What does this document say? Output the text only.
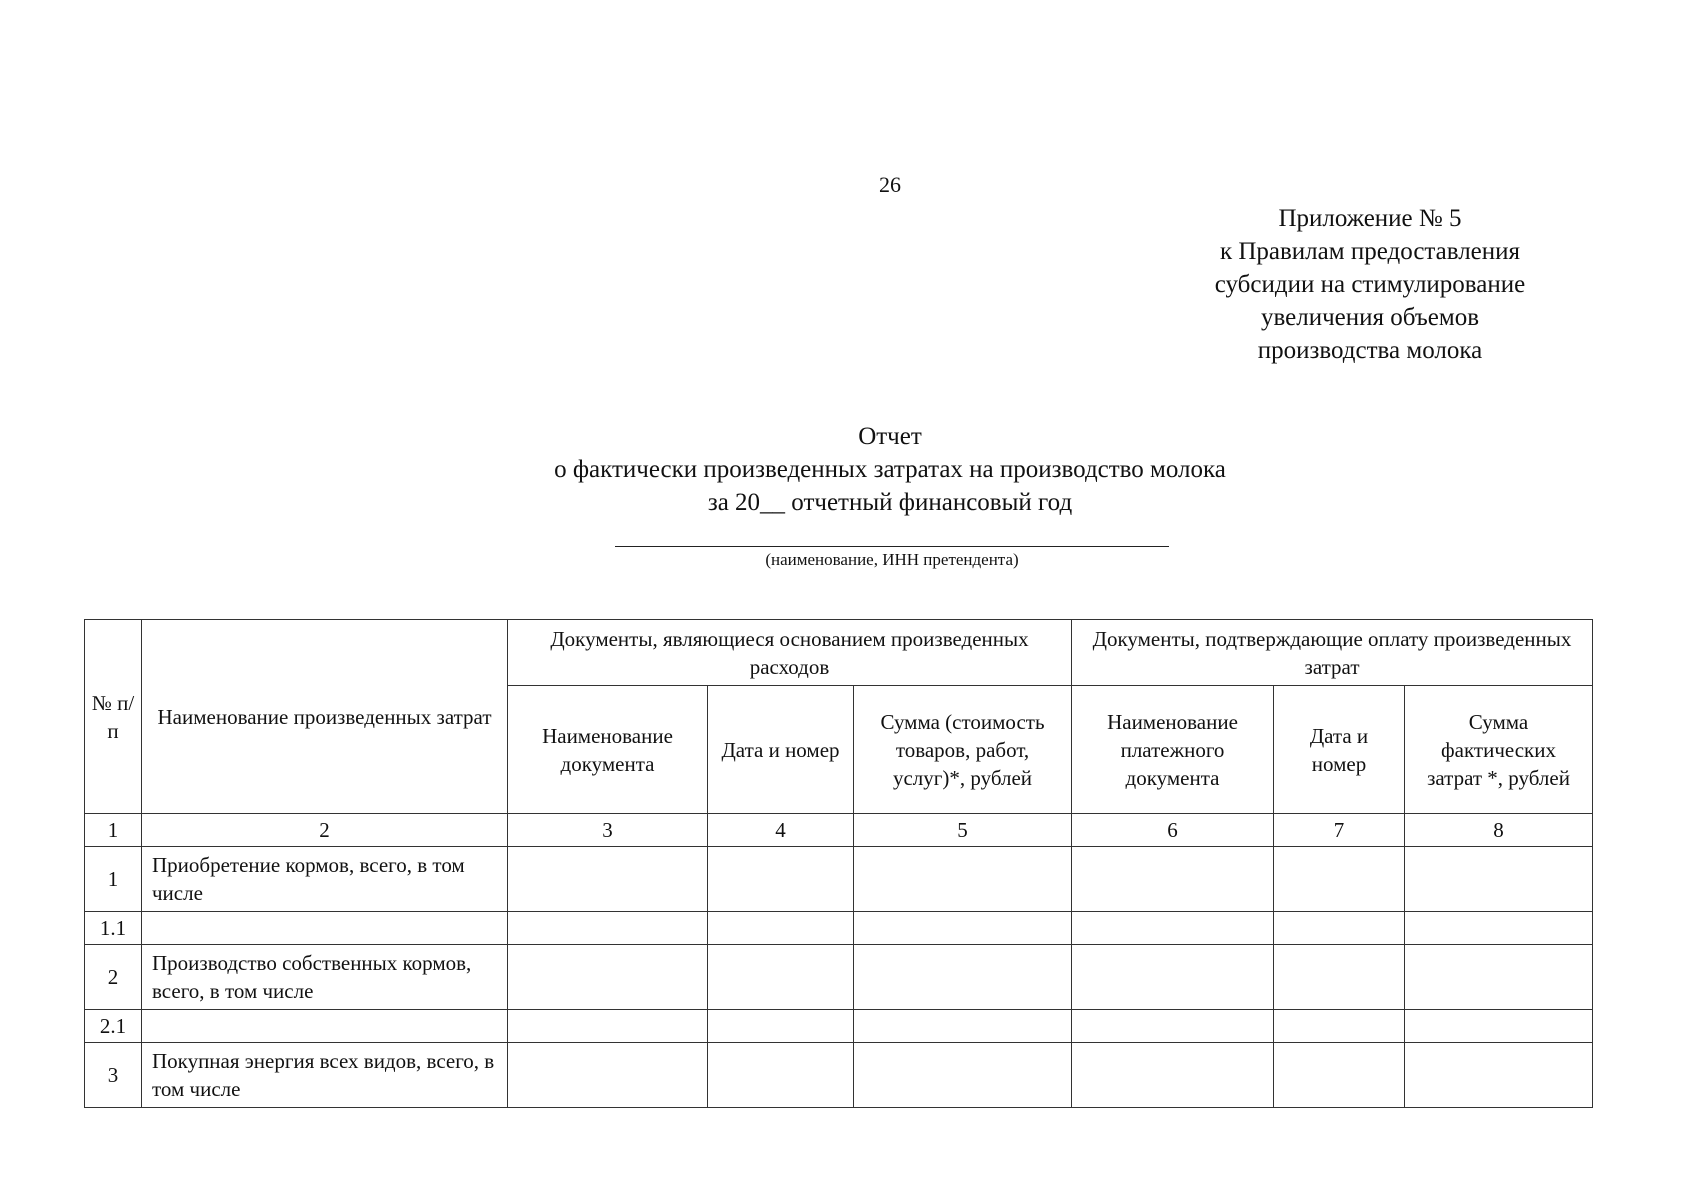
26
Приложение № 5
к Правилам предоставления
субсидии на стимулирование
увеличения объемов
производства молока
Отчет
о фактически произведенных затратах на производство молока
за 20__ отчетный финансовый год
(наименование, ИНН претендента)
№ п/п	Наименование произведенных затрат	Документы, являющиеся основанием произведенных расходов			Документы, подтверждающие оплату произведенных затрат		
		Наименование документа	Дата и номер	Сумма (стоимость товаров, работ, услуг)*, рублей	Наименование платежного документа	Дата и номер	Сумма фактических затрат *, рублей
1	2	3	4	5	6	7	8
1	Приобретение кормов, всего, в том числе						
1.1							
2	Производство собственных кормов, всего, в том числе						
2.1							
3	Покупная энергия всех видов, всего, в том числе						
